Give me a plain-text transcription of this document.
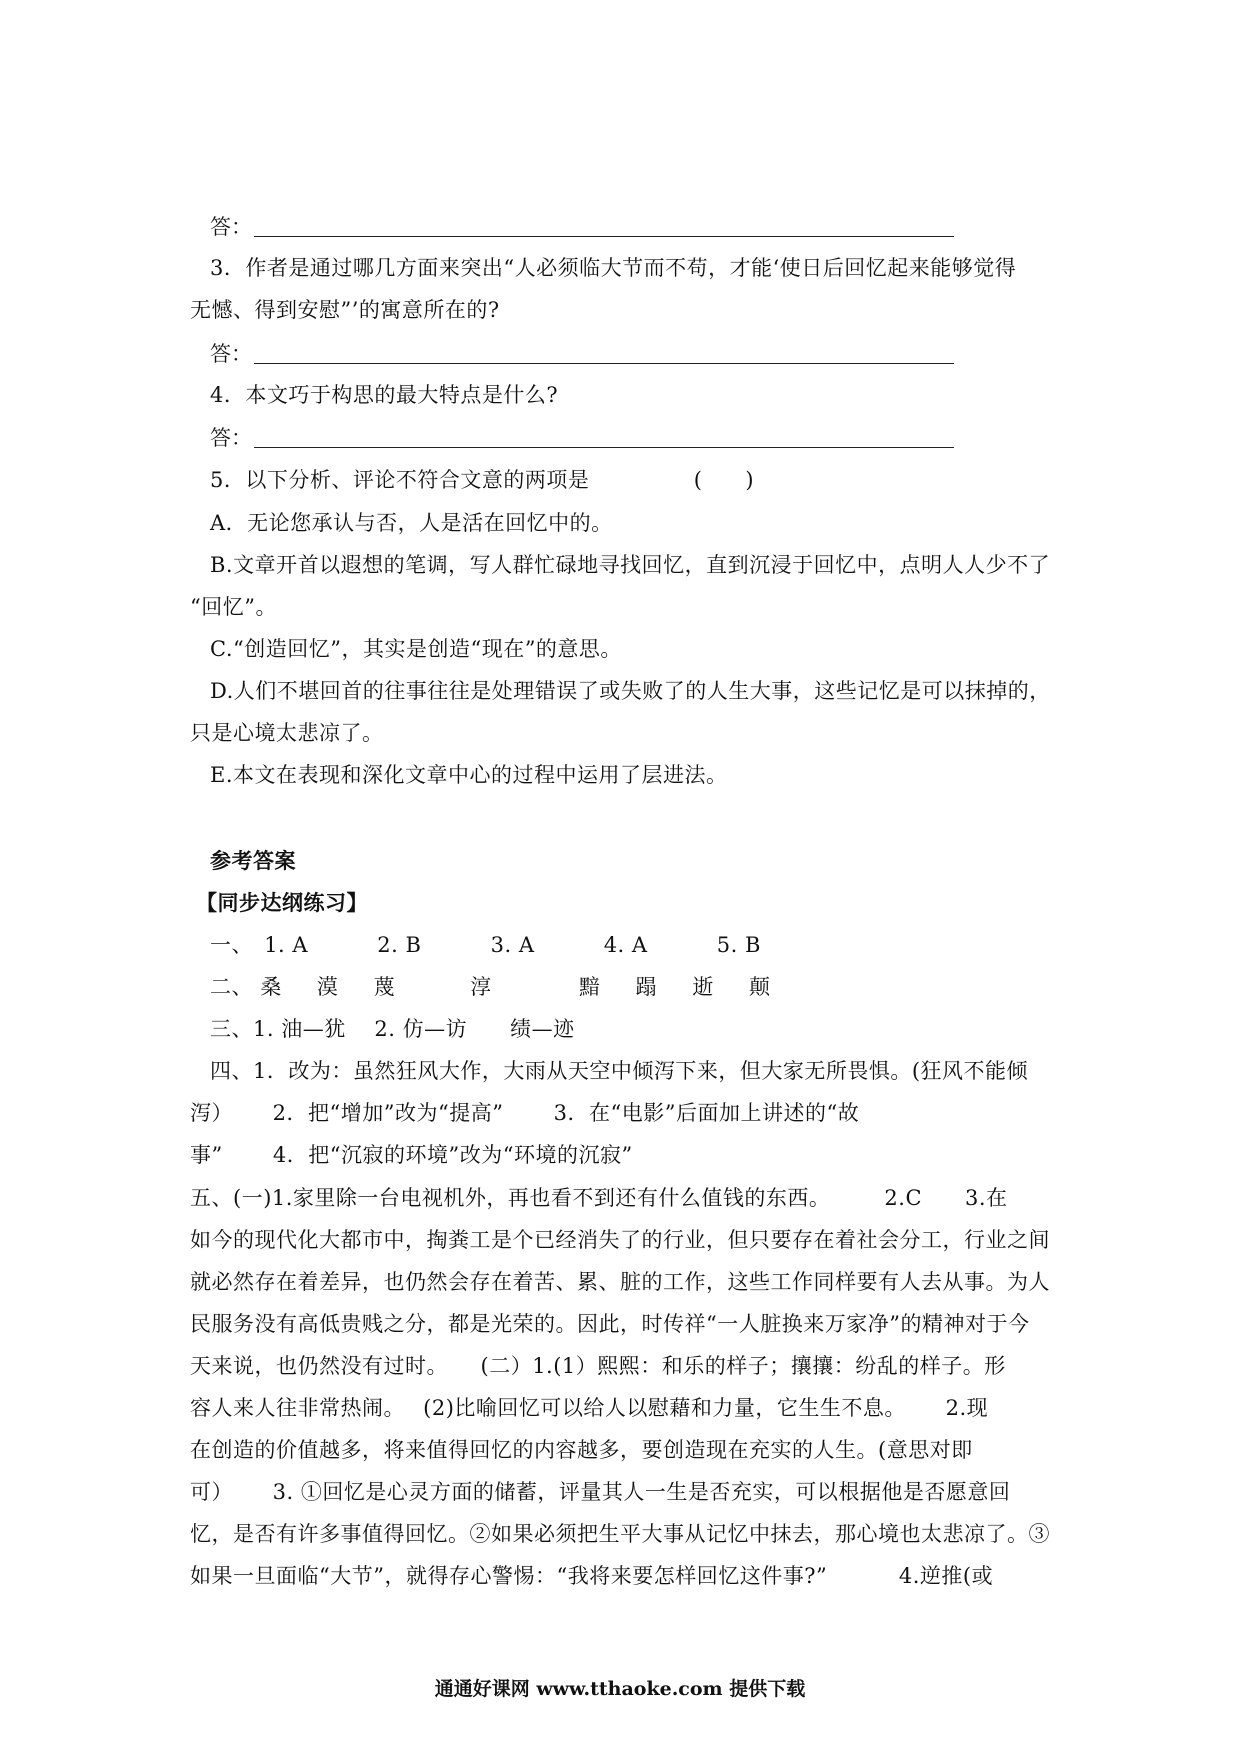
答：
3．作者是通过哪几方面来突出“人必须临大节而不苟，才能‘使日后回忆起来能够觉得
无憾、得到安慰”’的寓意所在的?
答：
4．本文巧于构思的最大特点是什么?
答：
5．以下分析、评论不符合文意的两项是	(　　)
A．无论您承认与否，人是活在回忆中的。
B.文章开首以遐想的笔调，写人群忙碌地寻找回忆，直到沉浸于回忆中，点明人人少不了
“回忆”。
C.“创造回忆”，其实是创造“现在”的意思。
D.人们不堪回首的往事往往是处理错误了或失败了的人生大事，这些记忆是可以抹掉的，
只是心境太悲凉了。
E.本文在表现和深化文章中心的过程中运用了层进法。
参考答案
【同步达纲练习】
一、 1. A	2. B	3. A	4. A	5. B
二、 桑 漠 蔑	淳	黯 蹋 逝 颠
三、1. 油—犹　 2. 仿—访　　绩—迹
四、1．改为：虽然狂风大作，大雨从天空中倾泻下来，但大家无所畏惧。(狂风不能倾
泻）　　 2．把“增加”改为“提高”　　 3．在“电影”后面加上讲述的“故
事”　　 4．把“沉寂的环境”改为“环境的沉寂”
五、(一)1.家里除一台电视机外，再也看不到还有什么值钱的东西。　　　2.C　　3.在
如今的现代化大都市中，掏粪工是个已经消失了的行业，但只要存在着社会分工，行业之间
就必然存在着差异，也仍然会存在着苦、累、脏的工作，这些工作同样要有人去从事。为人
民服务没有高低贵贱之分，都是光荣的。因此，时传祥“一人脏换来万家净”的精神对于今
天来说，也仍然没有过时。　　(二）1.(1）熙熙：和乐的样子；攘攘：纷乱的样子。形
容人来人往非常热闹。　 (2)比喻回忆可以给人以慰藉和力量，它生生不息。　　 2.现
在创造的价值越多，将来值得回忆的内容越多，要创造现在充实的人生。(意思对即
可）　　 3. ①回忆是心灵方面的储蓄，评量其人一生是否充实，可以根据他是否愿意回
忆，是否有许多事值得回忆。②如果必须把生平大事从记忆中抹去，那心境也太悲凉了。③
如果一旦面临“大节”，就得存心警惕：“我将来要怎样回忆这件事?”　　　 4.逆推(或
通通好课网 www.tthaoke.com 提供下载
